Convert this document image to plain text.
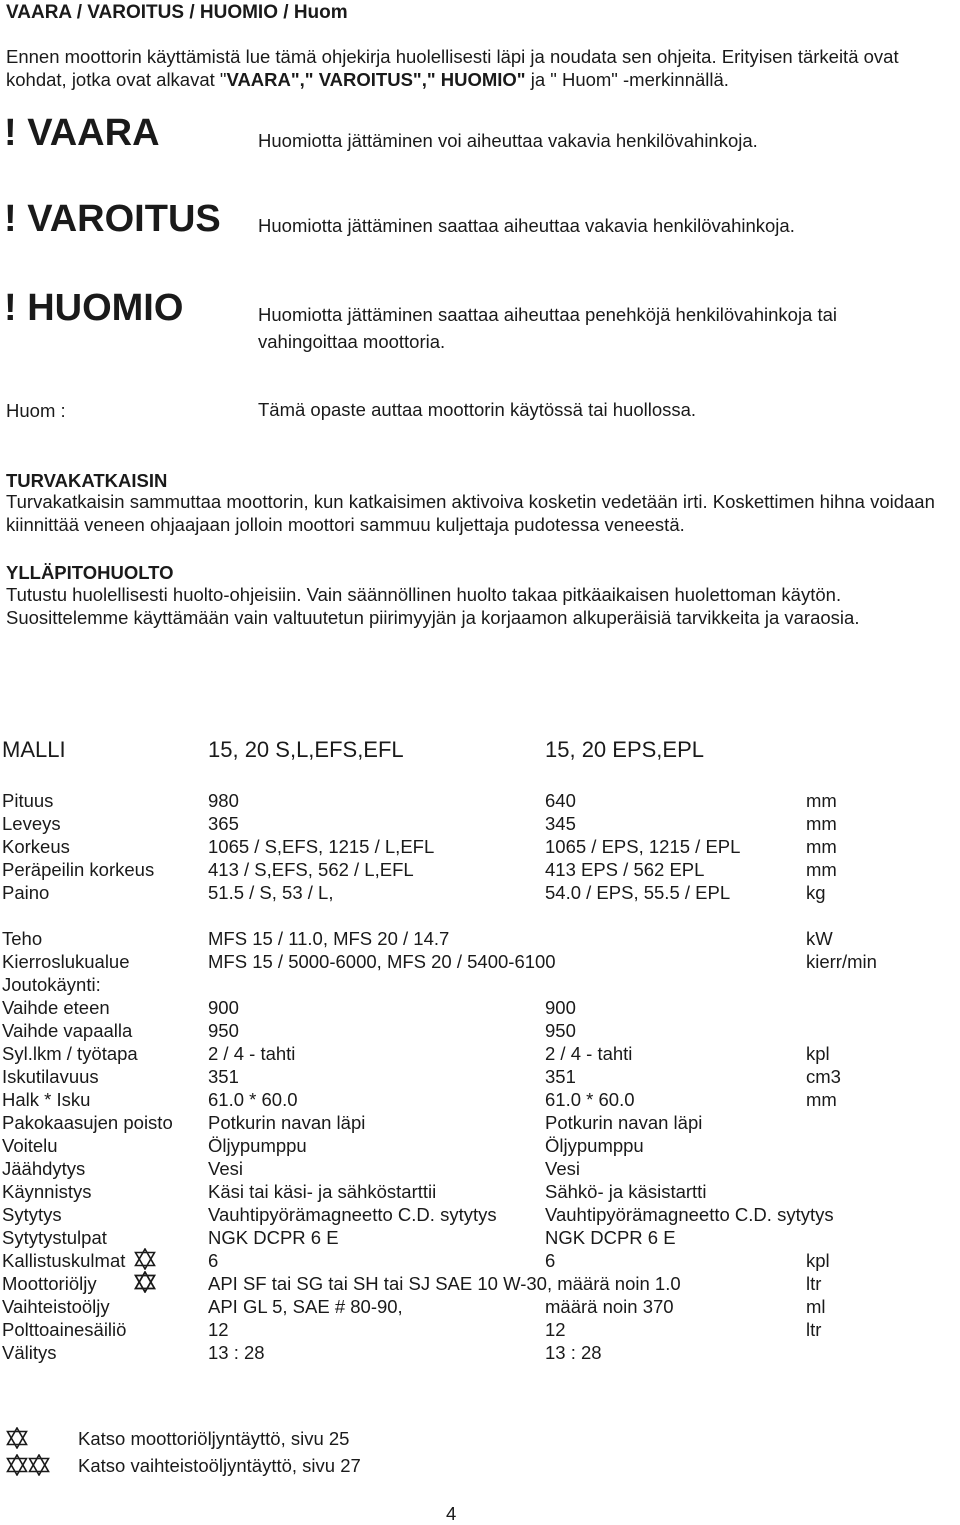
VAARA / VAROITUS / HUOMIO / Huom
Ennen moottorin käyttämistä lue tämä ohjekirja huolellisesti läpi ja noudata sen ohjeita. Erityisen tärkeitä ovat kohdat, jotka ovat alkavat "VAARA"," VAROITUS"," HUOMIO" ja " Huom" -merkinnällä.
! VAARA	Huomiotta jättäminen voi aiheuttaa vakavia henkilövahinkoja.
! VAROITUS Huomiotta jättäminen saattaa aiheuttaa vakavia henkilövahinkoja.
! HUOMIO	Huomiotta jättäminen saattaa aiheuttaa penehköjä henkilövahinkoja tai
vahingoittaa moottoria.
Huom :	Tämä opaste auttaa moottorin käytössä tai huollossa.
TURVAKATKAISIN
Turvakatkaisin sammuttaa moottorin, kun katkaisimen aktivoiva kosketin vedetään irti. Koskettimen hihna voidaan kiinnittää veneen ohjaajaan jolloin moottori sammuu kuljettaja pudotessa veneestä.
YLLÄPITOHUOLTO
Tutustu huolellisesti huolto-ohjeisiin. Vain säännöllinen huolto takaa pitkäaikaisen huolettoman käytön. Suosittelemme käyttämään vain valtuutetun piirimyyjän ja korjaamon alkuperäisiä tarvikkeita ja varaosia.
MALLI	15, 20 S,L,EFS,EFL	15, 20 EPS,EPL
Pituus	980	640	mm
Leveys	365	345	mm
Korkeus	1065 / S,EFS, 1215 / L,EFL	1065 / EPS, 1215 / EPL	mm
Peräpeilin korkeus	413 / S,EFS, 562 / L,EFL	413 EPS / 562 EPL	mm
Paino	51.5 / S, 53 / L,	54.0 / EPS, 55.5 / EPL	kg
Teho	MFS 15 / 11.0, MFS 20 / 14.7	kW
Kierroslukualue	MFS 15 / 5000-6000, MFS 20 / 5400-6100	kierr/min
Joutokäynti:
Vaihde eteen	900	900
Vaihde vapaalla	950	950
Syl.lkm / työtapa	2 / 4 - tahti	2 / 4 - tahti	kpl
Iskutilavuus	351	351	cm3
Halk * Isku	61.0 * 60.0	61.0 * 60.0	mm
Pakokaasujen poisto Potkurin navan läpi	Potkurin navan läpi
Voitelu	Öljypumppu	Öljypumppu
Jäähdytys	Vesi	Vesi
Käynnistys	Käsi tai käsi- ja sähköstarttii	Sähkö- ja käsistartti
Sytytys	Vauhtipyörämagneetto C.D. sytytys	Vauhtipyörämagneetto C.D. sytytys
Sytytystulpat	NGK DCPR 6 E	NGK DCPR 6 E
Kallistuskulmat	6	6	kpl
Moottoriöljy	API SF tai SG tai SH tai SJ SAE 10 W-30, määrä noin 1.0	ltr
Vaihteistoöljy	API GL 5, SAE # 80-90,	määrä noin 370	ml
Polttoainesäiliö	12	12	ltr
Välitys	13 : 28	13 : 28
Katso moottoriöljyntäyttö, sivu 25
Katso vaihteistoöljyntäyttö, sivu 27
4
